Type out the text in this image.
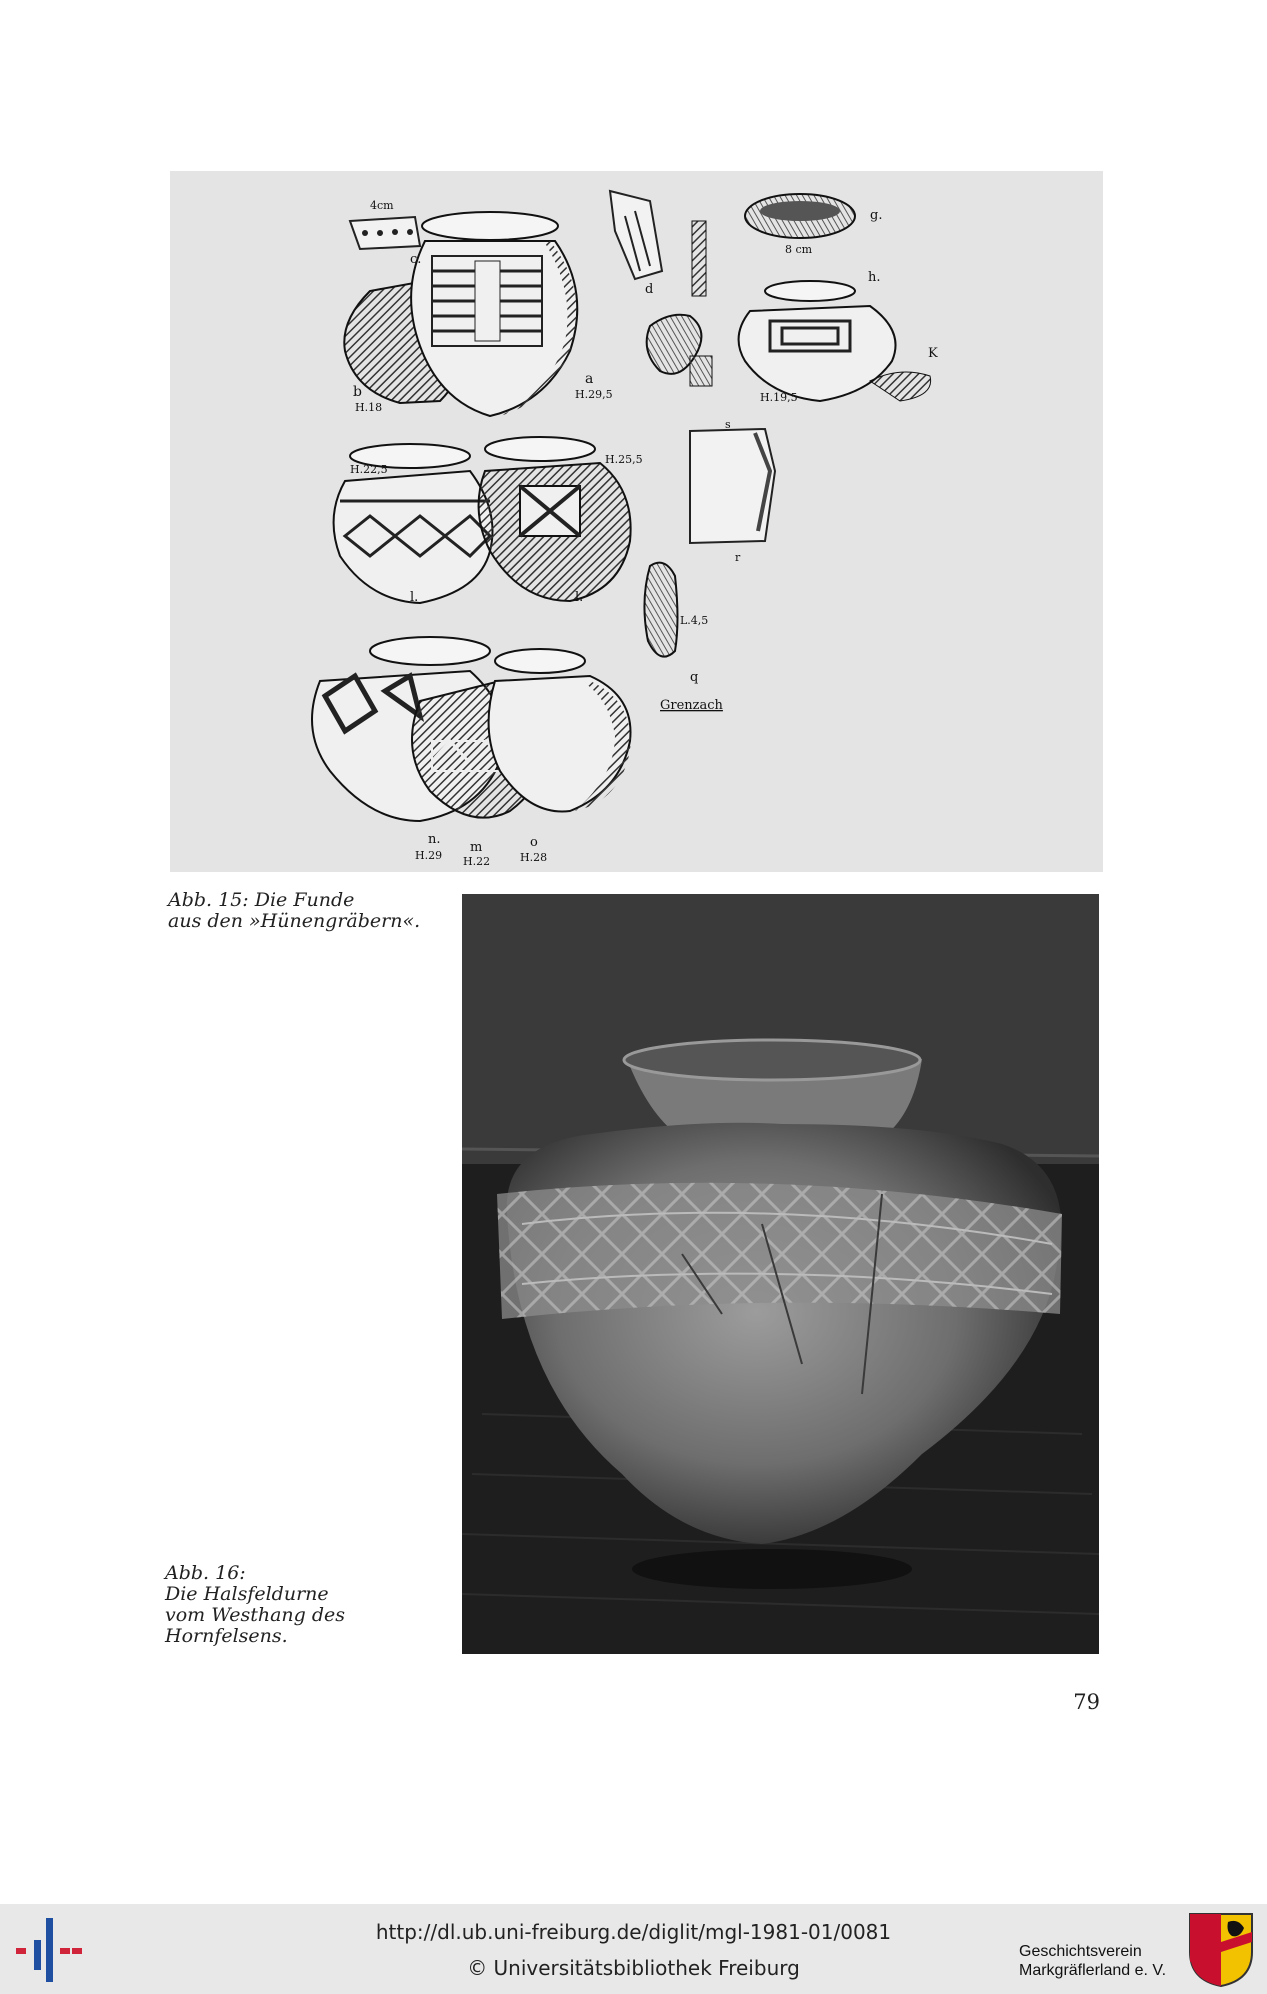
4cm
c.
b
H.18
a
H.29,5
d
g.
8 cm
h.
K
H.19,5
H.22,5
H.25,5
l.	l.
s
r
L.4,5
q
Grenzach
n.
H.29
m
H.22
o
H.28
Abb. 15: Die Funde
aus den »Hünengräbern«.
Abb. 16:
Die Halsfeldurne
vom Westhang des
Hornfelsens.
79
http://dl.ub.uni-freiburg.de/diglit/mgl-1981-01/0081
© Universitätsbibliothek Freiburg
Geschichtsverein
Markgräflerland e. V.
